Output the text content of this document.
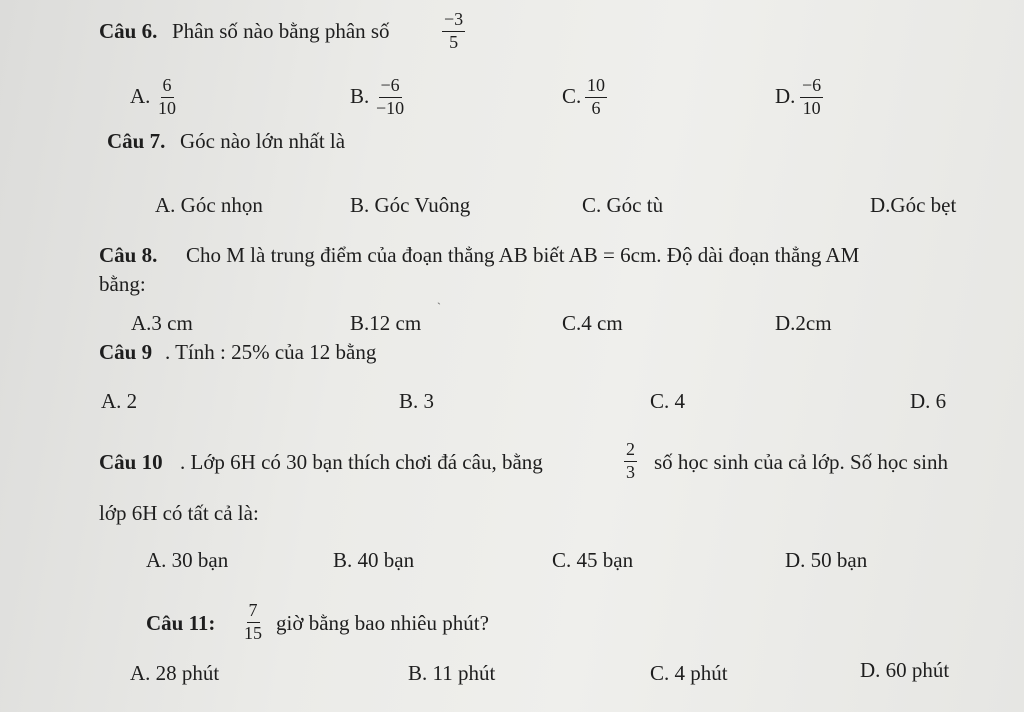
Câu 6. Phân số nào bằng phân số	$\frac{-3}{5}$
A. $\frac{6}{10}$	B. $\frac{-6}{-10}$	C. $\frac{10}{6}$	D. $\frac{-6}{10}$
Câu 7. Góc nào lớn nhất là
A. Góc nhọn	B. Góc Vuông	C. Góc tù	D.Góc bẹt
Câu 8. Cho M là trung điểm của đoạn thẳng AB biết AB = 6cm. Độ dài đoạn thẳng AM
bằng:
A.3 cm	B.12 cm	C.4 cm	D.2cm
Câu 9 . Tính : 25% của 12 bằng
A. 2	B. 3	C. 4	D. 6
Câu 10 . Lớp 6H có 30 bạn thích chơi đá câu, bằng	$\frac{2}{3}$ số học sinh của cả lớp. Số học sinh
lớp 6H có tất cả là:
A. 30 bạn	B. 40 bạn	C. 45 bạn	D. 50 bạn
Câu 11: $\frac{7}{15}$ giờ bằng bao nhiêu phút?
A. 28 phút	B. 11 phút	C. 4 phút	D. 60 phút
`
